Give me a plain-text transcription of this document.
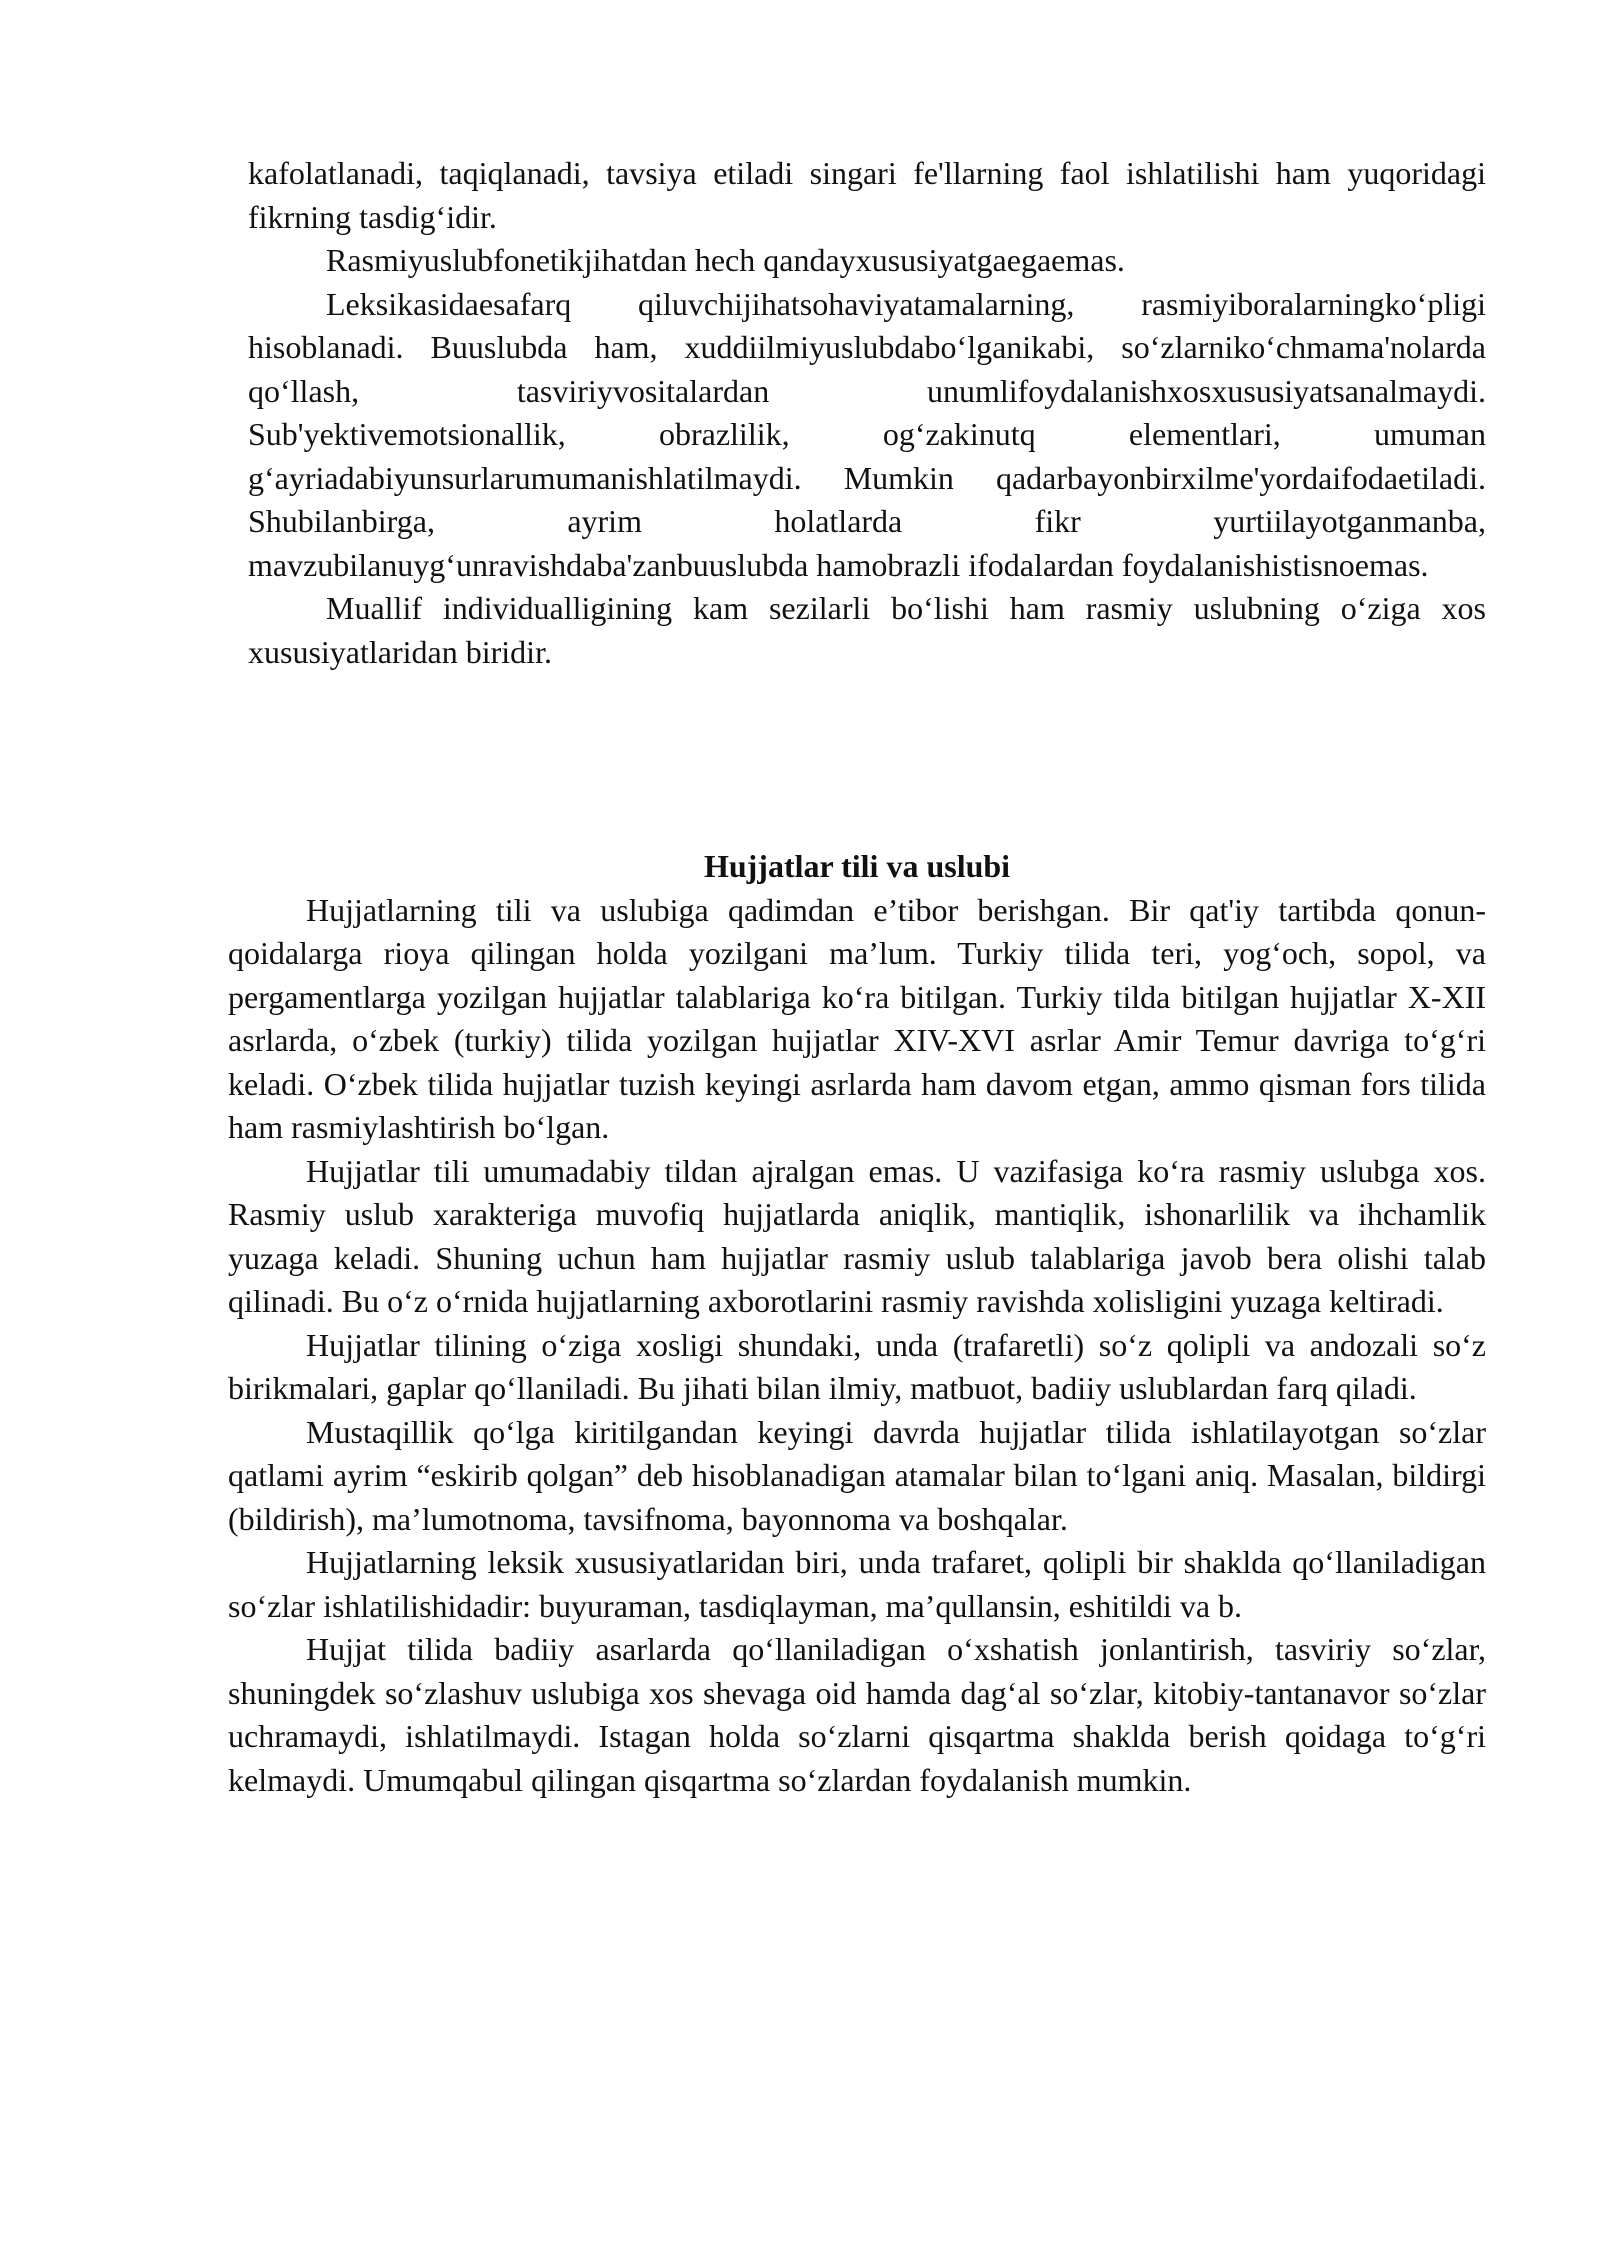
kafolatlanadi, taqiqlanadi, tavsiya etiladi singari fe'llarning faol ishlatilishi ham yuqoridagi fikrning tasdig‘idir.

Rasmiyuslubfonetikjihatdan hech qandayxususiyatgaegaemas.

Leksikasidaesafarq qiluvchijihatsohaviyatamalarning, rasmiyiboralarningko‘pligi hisoblanadi. Buuslubda ham, xuddiilmiyuslubdabo‘lganikabi, so‘zlarniko‘chmama'nolarda qo‘llash, tasviriyvositalardan unumlifoydalanishxosxususiyatsanalmaydi. Sub'yektivemotsionallik, obrazlilik, og‘zakinutq elementlari, umuman g‘ayriadabiyunsurlarumumanishlatilmaydi. Mumkin qadarbayonbirxilme'yordaifodaetiladi. Shubilanbirga, ayrim holatlarda fikr yurtiilayotganmanba, mavzubilanuyg‘unravishdaba'zanbuuslubda hamobrazli ifodalardan foydalanishistisnoemas.

Muallif individualligining kam sezilarli bo‘lishi ham rasmiy uslubning o‘ziga xos xususiyatlaridan biridir.

Hujjatlar tili va uslubi

Hujjatlarning tili va uslubiga qadimdan e’tibor berishgan. Bir qat'iy tartibda qonun-qoidalarga rioya qilingan holda yozilgani ma’lum. Turkiy tilida teri, yog‘och, sopol, va pergamentlarga yozilgan hujjatlar talablariga ko‘ra bitilgan. Turkiy tilda bitilgan hujjatlar X-XII asrlarda, o‘zbek (turkiy) tilida yozilgan hujjatlar XIV-XVI asrlar Amir Temur davriga to‘g‘ri keladi. O‘zbek tilida hujjatlar tuzish keyingi asrlarda ham davom etgan, ammo qisman fors tilida ham rasmiylashtirish bo‘lgan.

Hujjatlar tili umumadabiy tildan ajralgan emas. U vazifasiga ko‘ra rasmiy uslubga xos. Rasmiy uslub xarakteriga muvofiq hujjatlarda aniqlik, mantiqlik, ishonarlilik va ihchamlik yuzaga keladi. Shuning uchun ham hujjatlar rasmiy uslub talablariga javob bera olishi talab qilinadi. Bu o‘z o‘rnida hujjatlarning axborotlarini rasmiy ravishda xolisligini yuzaga keltiradi.

Hujjatlar tilining o‘ziga xosligi shundaki, unda (trafaretli) so‘z qolipli va andozali so‘z birikmalari, gaplar qo‘llaniladi. Bu jihati bilan ilmiy, matbuot, badiiy uslublardan farq qiladi.

Mustaqillik qo‘lga kiritilgandan keyingi davrda hujjatlar tilida ishlatilayotgan so‘zlar qatlami ayrim “eskirib qolgan” deb hisoblanadigan atamalar bilan to‘lgani aniq. Masalan, bildirgi (bildirish), ma’lumotnoma, tavsifnoma, bayonnoma va boshqalar.

Hujjatlarning leksik xususiyatlaridan biri, unda trafaret, qolipli bir shaklda qo‘llaniladigan so‘zlar ishlatilishidadir: buyuraman, tasdiqlayman, ma’qullansin, eshitildi va b.

Hujjat tilida badiiy asarlarda qo‘llaniladigan o‘xshatish jonlantirish, tasviriy so‘zlar, shuningdek so‘zlashuv uslubiga xos shevaga oid hamda dag‘al so‘zlar, kitobiy-tantanavor so‘zlar uchramaydi, ishlatilmaydi. Istagan holda so‘zlarni qisqartma shaklda berish qoidaga to‘g‘ri kelmaydi. Umumqabul qilingan qisqartma so‘zlardan foydalanish mumkin.
